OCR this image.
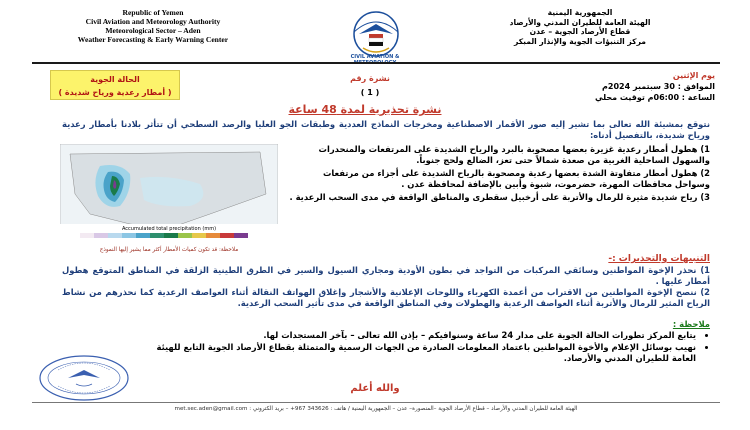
Republic of Yemen
Civil Aviation and Meteorology Authority
Meteorological Sector – Aden
Weather Forecasting & Early Warning Center
CIVIL AVIATION &
الجمهورية اليمنية
الهيئة العامة للطيران المدني والأرصاد
قطاع الأرصاد الجوية – عدن
مركز التنبؤات الجوية والإنذار المبكر
الحالة الجوية
( أمطار رعدية ورياح شديدة )
نشرة رقم
( 1 )
يوم الإثنين
الموافق : 30 سبتمبر 2024م
الساعة : 06:00م توقيت محلي
نشرة تحذيرية لمدة 48 ساعة
نتوقع بمشيئة الله تعالى بما تشير إليه صور الأقمار الاصطناعية ومخرجات النماذج العددية وطبقات الجو العليا والرصد السطحي أن تتأثر بلادنا بأمطار رعدية ورياح شديدة، بالتفصيل أدناه:
Accumulated total precipitation (mm)
ملاحظة: قد تكون كميات الأمطار أكثر مما يشير إليها النموذج

1) هطول أمطار رعدية غزيرة بعضها مصحوبة بالبرد والرياح الشديدة على المرتفعات والمنحدرات والسهول الساحلية الغربية من صعدة شمالاً حتى تعز، الضالع ولحج جنوباً.

2) هطول أمطار متفاوتة الشدة بعضها رعدية ومصحوبة بالرياح الشديدة على أجزاء من مرتفعات وسواحل محافظات المهرة، حضرموت، شبوة وأبين بالإضافة لمحافظة عدن .

3) رياح شديدة مثيرة للرمال والأتربة على أرخبيل سقطرى والمناطق الواقعة في مدى السحب الرعدية .

التنبيهات والتحذيرات :-

1) نحذر الإخوة المواطنين وسائقي المركبات من التواجد في بطون الأودية ومجاري السيول والسير في الطرق الطينية الزلقة في المناطق المتوقع هطول أمطار عليها .

2) ننصح الإخوة المواطنين من الاقتراب من أعمدة الكهرباء واللوحات الإعلانية والأشجار وإغلاق الهواتف النقالة أثناء العواصف الرعدية كما نحذرهم من نشاط الرياح المثير للرمال والأتربة أثناء العواصف الرعدية والهطولات وفي المناطق الواقعة في مدى تأثير السحب الرعدية.

ملاحظة :
• يتابع المركز تطورات الحالة الجوية على مدار 24 ساعة وسنوافيكم – بإذن الله تعالى – بآخر المستجدات لها.
• نهيب بوسائل الإعلام والأخوة المواطنين باعتماد المعلومات الصادرة من الجهات الرسمية والمتمثلة بقطاع الأرصاد الجوية التابع للهيئة العامة للطيران المدني والأرصاد.
والله أعلم
الهيئة العامة للطيران المدني والأرصاد – قطاع الأرصاد الجوية –المنصورة– عدن – الجمهورية اليمنية / هاتف : 343626 967+ – بريد الكتروني : met.sec.aden@gmail.com
